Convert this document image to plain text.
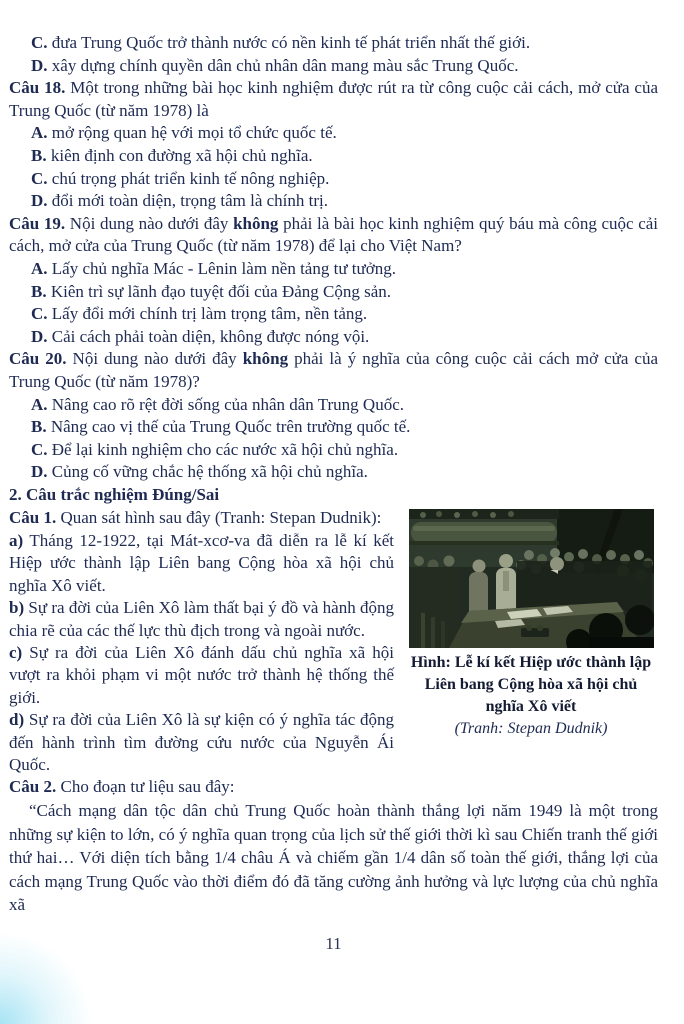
C. đưa Trung Quốc trở thành nước có nền kinh tế phát triển nhất thế giới.

D. xây dựng chính quyền dân chủ nhân dân mang màu sắc Trung Quốc.

Câu 18. Một trong những bài học kinh nghiệm được rút ra từ công cuộc cải cách, mở cửa của Trung Quốc (từ năm 1978) là

A. mở rộng quan hệ với mọi tổ chức quốc tế.

B. kiên định con đường xã hội chủ nghĩa.

C. chú trọng phát triển kinh tế nông nghiệp.

D. đổi mới toàn diện, trọng tâm là chính trị.

Câu 19. Nội dung nào dưới đây không phải là bài học kinh nghiệm quý báu mà công cuộc cải cách, mở cửa của Trung Quốc (từ năm 1978) để lại cho Việt Nam?

A. Lấy chủ nghĩa Mác - Lênin làm nền tảng tư tưởng.

B. Kiên trì sự lãnh đạo tuyệt đối của Đảng Cộng sản.

C. Lấy đổi mới chính trị làm trọng tâm, nền tảng.

D. Cải cách phải toàn diện, không được nóng vội.

Câu 20. Nội dung nào dưới đây không phải là ý nghĩa của công cuộc cải cách mở cửa của Trung Quốc (từ năm 1978)?

A. Nâng cao rõ rệt đời sống của nhân dân Trung Quốc.

B. Nâng cao vị thế của Trung Quốc trên trường quốc tế.

C. Để lại kinh nghiệm cho các nước xã hội chủ nghĩa.

D. Củng cố vững chắc hệ thống xã hội chủ nghĩa.

2. Câu trắc nghiệm Đúng/Sai

Câu 1. Quan sát hình sau đây (Tranh: Stepan Dudnik):

a) Tháng 12-1922, tại Mát-xcơ-va đã diễn ra lễ kí kết Hiệp ước thành lập Liên bang Cộng hòa xã hội chủ nghĩa Xô viết.

b) Sự ra đời của Liên Xô làm thất bại ý đồ và hành động chia rẽ của các thế lực thù địch trong và ngoài nước.

c) Sự ra đời của Liên Xô đánh dấu chủ nghĩa xã hội vượt ra khỏi phạm vi một nước trở thành hệ thống thế giới.

d) Sự ra đời của Liên Xô là sự kiện có ý nghĩa tác động đến hành trình tìm đường cứu nước của Nguyễn Ái Quốc.

Hình: Lễ kí kết Hiệp ước thành lập Liên bang Cộng hòa xã hội chủ nghĩa Xô viết
(Tranh: Stepan Dudnik)

Câu 2. Cho đoạn tư liệu sau đây:

“Cách mạng dân tộc dân chủ Trung Quốc hoàn thành thắng lợi năm 1949 là một trong những sự kiện to lớn, có ý nghĩa quan trọng của lịch sử thế giới thời kì sau Chiến tranh thế giới thứ hai… Với diện tích bằng 1/4 châu Á và chiếm gần 1/4 dân số toàn thế giới, thắng lợi của cách mạng Trung Quốc vào thời điểm đó đã tăng cường ảnh hưởng và lực lượng của chủ nghĩa xã

11
